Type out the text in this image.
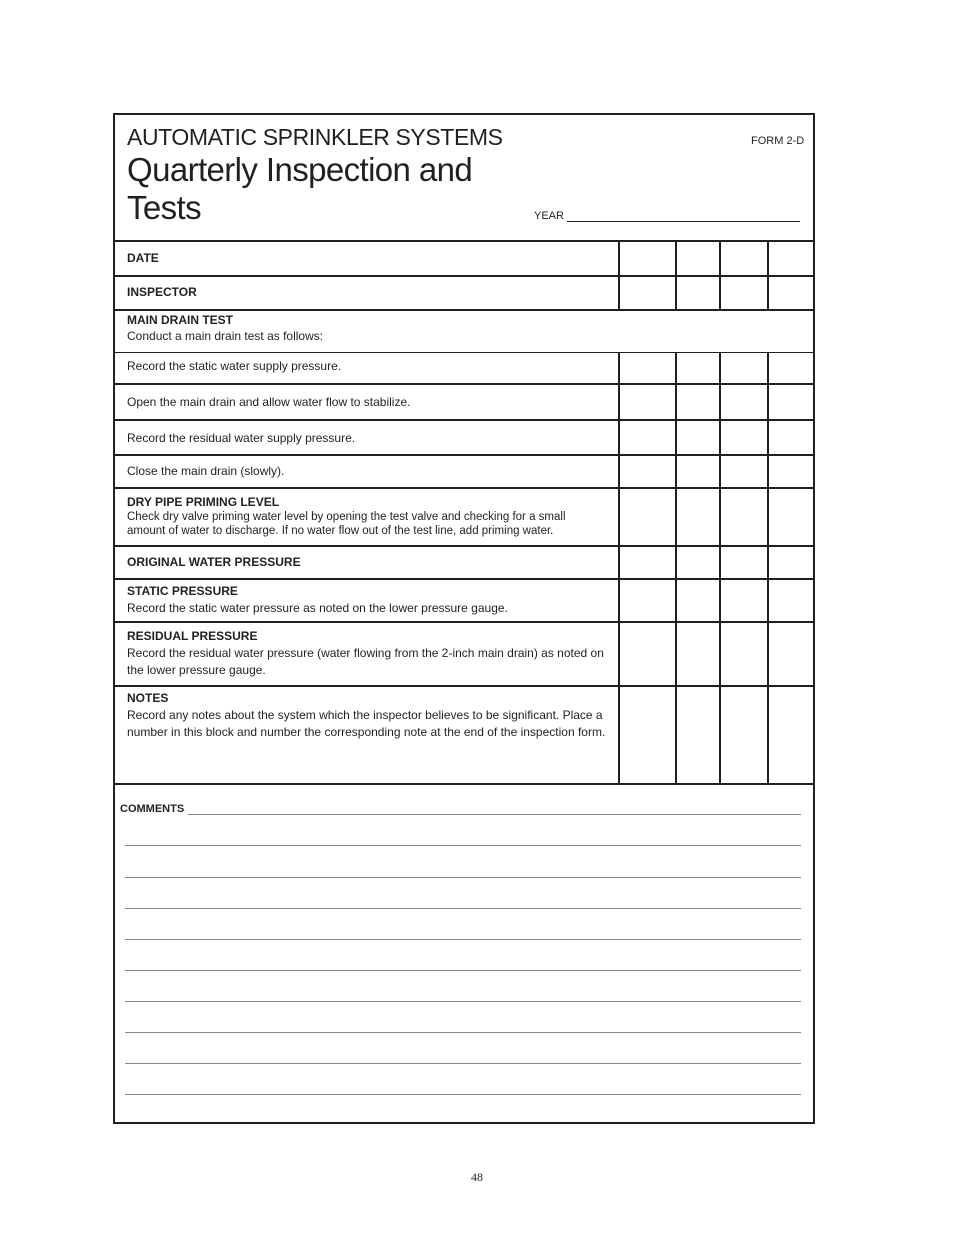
AUTOMATIC SPRINKLER SYSTEMS
Quarterly Inspection and Tests
FORM 2-D
YEAR
DATE
INSPECTOR
MAIN DRAIN TEST
Conduct a main drain test as follows:
Record the static water supply pressure.
Open the main drain and allow water flow to stabilize.
Record the residual water supply pressure.
Close the main drain (slowly).
DRY PIPE PRIMING LEVEL
Check dry valve priming water level by opening the test valve and checking for a small amount of water to discharge. If no water flow out of the test line, add priming water.
ORIGINAL WATER PRESSURE
STATIC PRESSURE
Record the static water pressure as noted on the lower pressure gauge.
RESIDUAL PRESSURE
Record the residual water pressure (water flowing from the 2-inch main drain) as noted on the lower pressure gauge.
NOTES
Record any notes about the system which the inspector believes to be significant. Place a number in this block and number the corresponding note at the end of the inspection form.
COMMENTS
48
